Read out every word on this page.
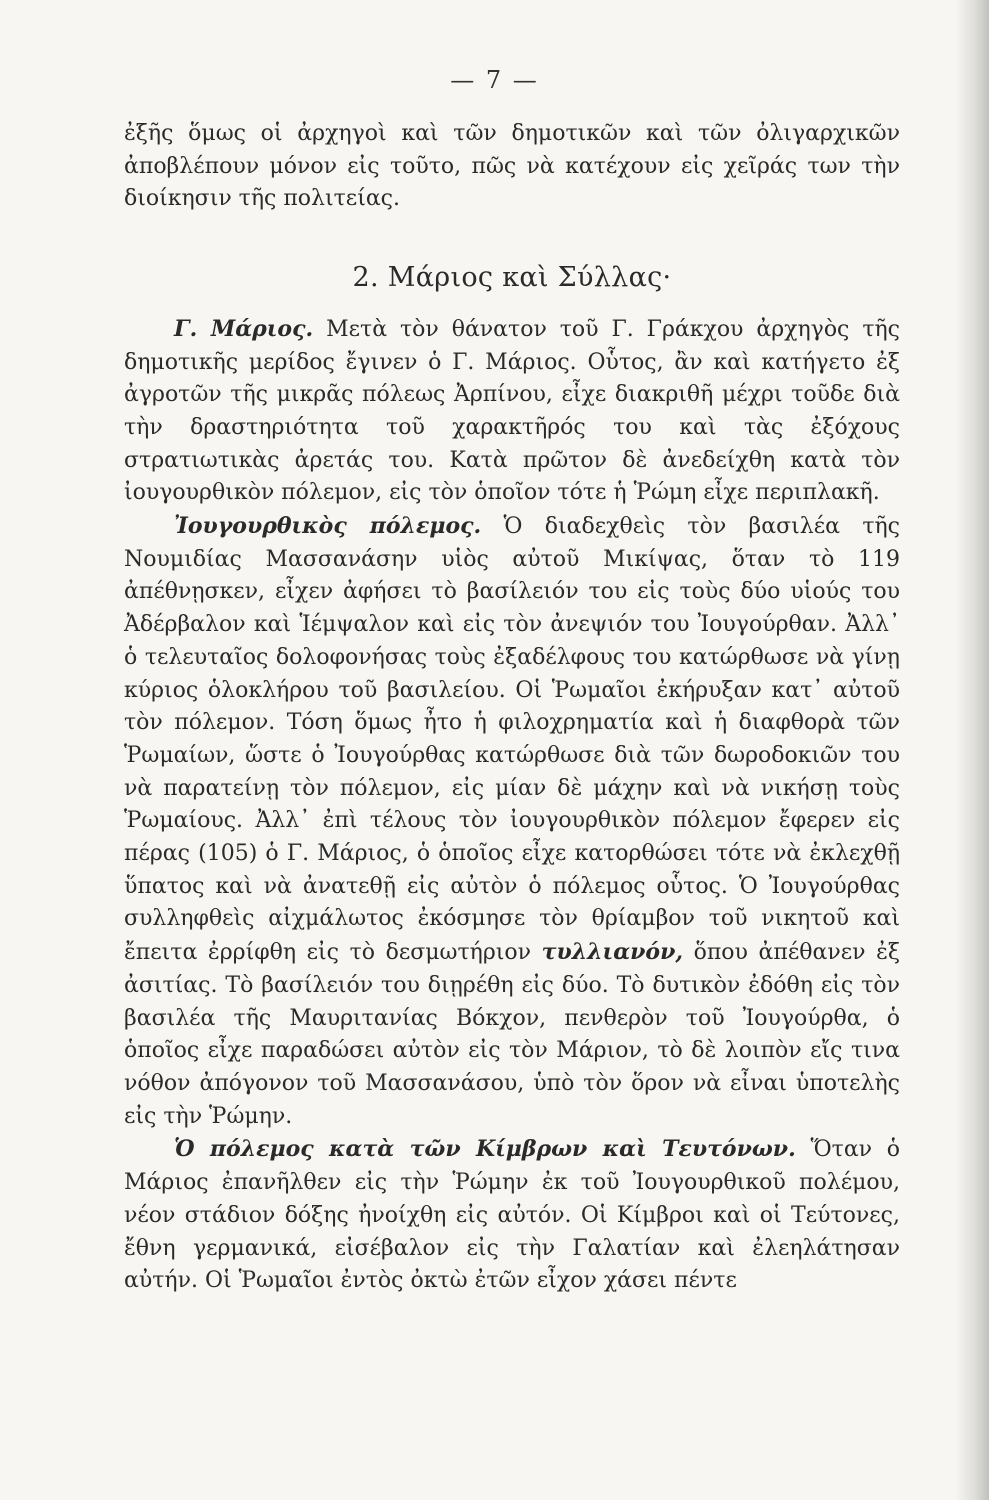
— 7 —

ἐξῆς ὅμως οἱ ἀρχηγοὶ καὶ τῶν δημοτικῶν καὶ τῶν ὀλιγαρχικῶν ἀποβλέπουν μόνον εἰς τοῦτο, πῶς νὰ κατέχουν εἰς χεῖράς των τὴν διοίκησιν τῆς πολιτείας.

2. Μάριος καὶ Σύλλας·

Γ. Μάριος. Μετὰ τὸν θάνατον τοῦ Γ. Γράκχου ἀρχηγὸς τῆς δημοτικῆς μερίδος ἔγινεν ὁ Γ. Μάριος. Οὗτος, ἂν καὶ κατήγετο ἐξ ἀγροτῶν τῆς μικρᾶς πόλεως Ἀρπίνου, εἶχε διακριθῆ μέχρι τοῦδε διὰ τὴν δραστηριότητα τοῦ χαρακτῆρός του καὶ τὰς ἐξόχους στρατιωτικὰς ἀρετάς του. Κατὰ πρῶτον δὲ ἀνεδείχθη κατὰ τὸν ἰουγουρθικὸν πόλεμον, εἰς τὸν ὁποῖον τότε ἡ Ῥώμη εἶχε περιπλακῆ.

Ἰουγουρθικὸς πόλεμος. Ὁ διαδεχθεὶς τὸν βασιλέα τῆς Νουμιδίας Μασσανάσην υἱὸς αὐτοῦ Μικίψας, ὅταν τὸ 119 ἀπέθνῃσκεν, εἶχεν ἀφήσει τὸ βασίλειόν του εἰς τοὺς δύο υἱούς του Ἀδέρβαλον καὶ Ἱέμψαλον καὶ εἰς τὸν ἀνεψιόν του Ἰουγούρθαν. Ἀλλ᾽ ὁ τελευταῖος δολοφονήσας τοὺς ἐξαδέλφους του κατώρθωσε νὰ γίνῃ κύριος ὁλοκλήρου τοῦ βασιλείου. Οἱ Ῥωμαῖοι ἐκήρυξαν κατ᾽ αὐτοῦ τὸν πόλεμον. Τόση ὅμως ἦτο ἡ φιλοχρηματία καὶ ἡ διαφθορὰ τῶν Ῥωμαίων, ὥστε ὁ Ἰουγούρθας κατώρθωσε διὰ τῶν δωροδοκιῶν του νὰ παρατείνῃ τὸν πόλεμον, εἰς μίαν δὲ μάχην καὶ νὰ νικήσῃ τοὺς Ῥωμαίους. Ἀλλ᾽ ἐπὶ τέλους τὸν ἰουγουρθικὸν πόλεμον ἔφερεν εἰς πέρας (105) ὁ Γ. Μάριος, ὁ ὁποῖος εἶχε κατορθώσει τότε νὰ ἐκλεχθῇ ὕπατος καὶ νὰ ἀνατεθῇ εἰς αὐτὸν ὁ πόλεμος οὗτος. Ὁ Ἰουγούρθας συλληφθεὶς αἰχμάλωτος ἐκόσμησε τὸν θρίαμβον τοῦ νικητοῦ καὶ ἔπειτα ἐρρίφθη εἰς τὸ δεσμωτήριον τυλλιανόν, ὅπου ἀπέθανεν ἐξ ἀσιτίας. Τὸ βασίλειόν του διῃρέθη εἰς δύο. Τὸ δυτικὸν ἐδόθη εἰς τὸν βασιλέα τῆς Μαυριτανίας Βόκχον, πενθερὸν τοῦ Ἰουγούρθα, ὁ ὁποῖος εἶχε παραδώσει αὐτὸν εἰς τὸν Μάριον, τὸ δὲ λοιπὸν εἴς τινα νόθον ἀπόγονον τοῦ Μασσανάσου, ὑπὸ τὸν ὅρον νὰ εἶναι ὑποτελὴς εἰς τὴν Ῥώμην.

Ὁ πόλεμος κατὰ τῶν Κίμβρων καὶ Τευτόνων. Ὅταν ὁ Μάριος ἐπανῆλθεν εἰς τὴν Ῥώμην ἐκ τοῦ Ἰουγουρθικοῦ πολέμου, νέον στάδιον δόξης ἠνοίχθη εἰς αὐτόν. Οἱ Κίμβροι καὶ οἱ Τεύτονες, ἔθνη γερμανικά, εἰσέβαλον εἰς τὴν Γαλατίαν καὶ ἐλεηλάτησαν αὐτήν. Οἱ Ῥωμαῖοι ἐντὸς ὀκτὼ ἐτῶν εἶχον χάσει πέντε
